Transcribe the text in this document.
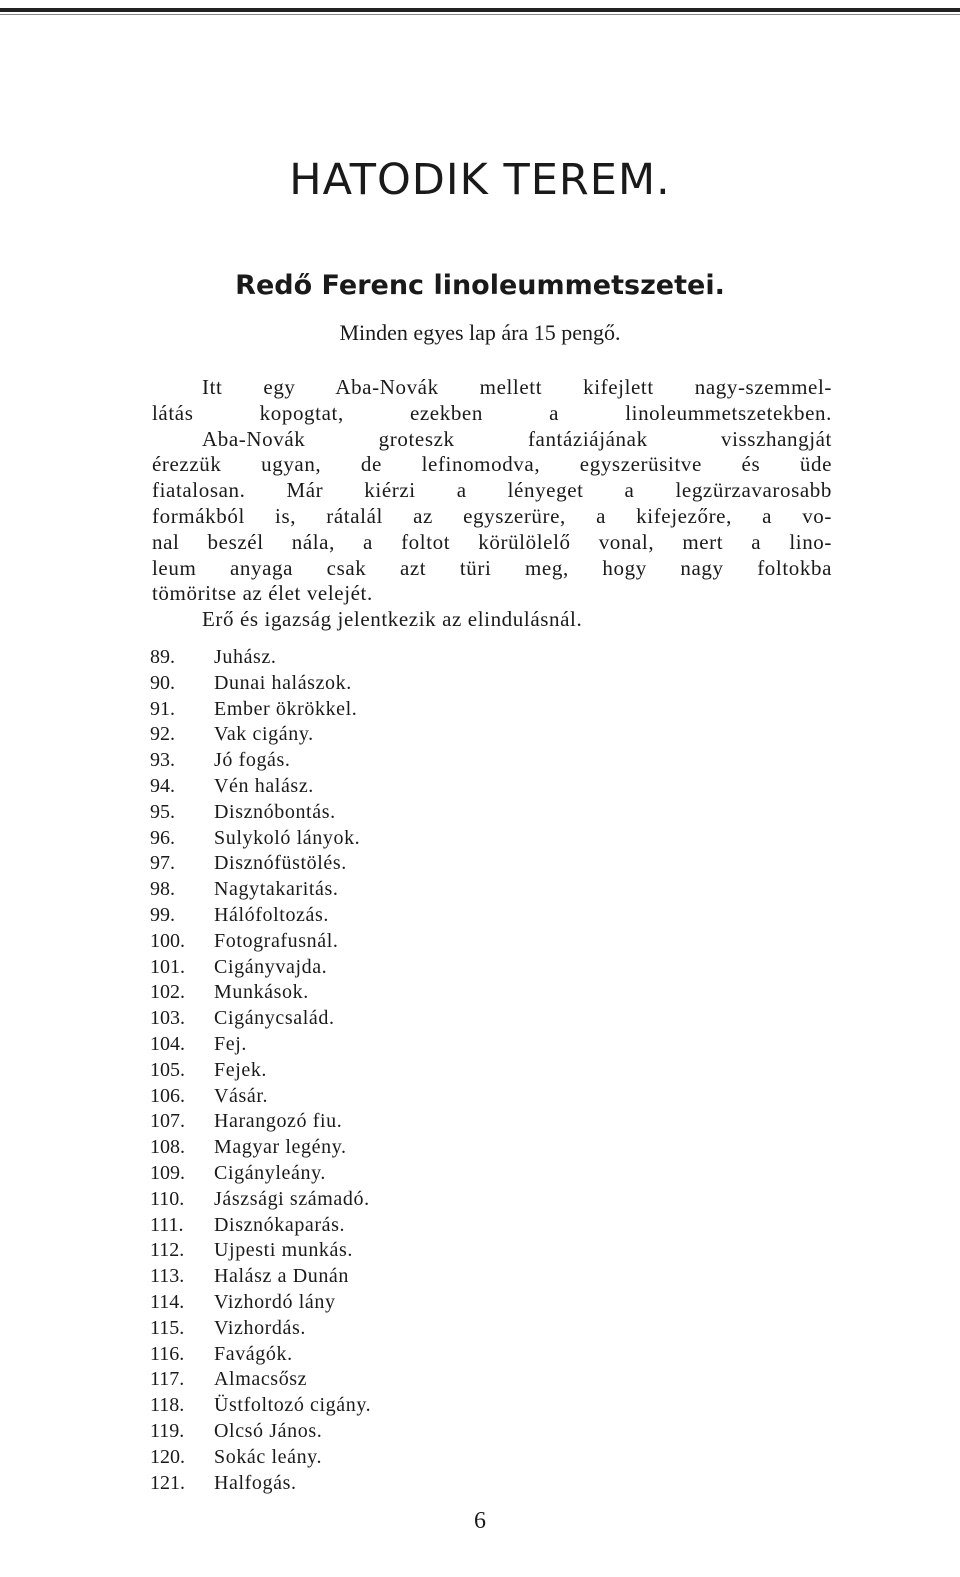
HATODIK TEREM.
Redő Ferenc linoleummetszetei.

Minden egyes lap ára 15 pengő.

Itt egy Aba-Novák mellett kifejlett nagy-szemmel-
látás kopogtat, ezekben a linoleummetszetekben.
Aba-Novák groteszk fantáziájának visszhangját
érezzük ugyan, de lefinomodva, egyszerüsitve és üde
fiatalosan. Már kiérzi a lényeget a legzürzavarosabb
formákból is, rátalál az egyszerüre, a kifejezőre, a vo-
nal beszél nála, a foltot körülölelő vonal, mert a lino-
leum anyaga csak azt türi meg, hogy nagy foltokba
tömöritse az élet velejét.
Erő és igazság jelentkezik az elindulásnál.
89.	Juhász.
90.	Dunai halászok.
91.	Ember ökrökkel.
92.	Vak cigány.
93.	Jó fogás.
94.	Vén halász.
95.	Disznóbontás.
96.	Sulykoló lányok.
97.	Disznófüstölés.
98.	Nagytakaritás.
99.	Hálófoltozás.
100.	Fotografusnál.
101.	Cigányvajda.
102.	Munkások.
103.	Cigánycsalád.
104.	Fej.
105.	Fejek.
106.	Vásár.
107.	Harangozó fiu.
108.	Magyar legény.
109.	Cigányleány.
110.	Jászsági számadó.
111.	Disznókaparás.
112.	Ujpesti munkás.
113.	Halász a Dunán
114.	Vizhordó lány
115.	Vizhordás.
116.	Favágók.
117.	Almacsősz
118.	Üstfoltozó cigány.
119.	Olcsó János.
120.	Sokác leány.
121.	Halfogás.

6
